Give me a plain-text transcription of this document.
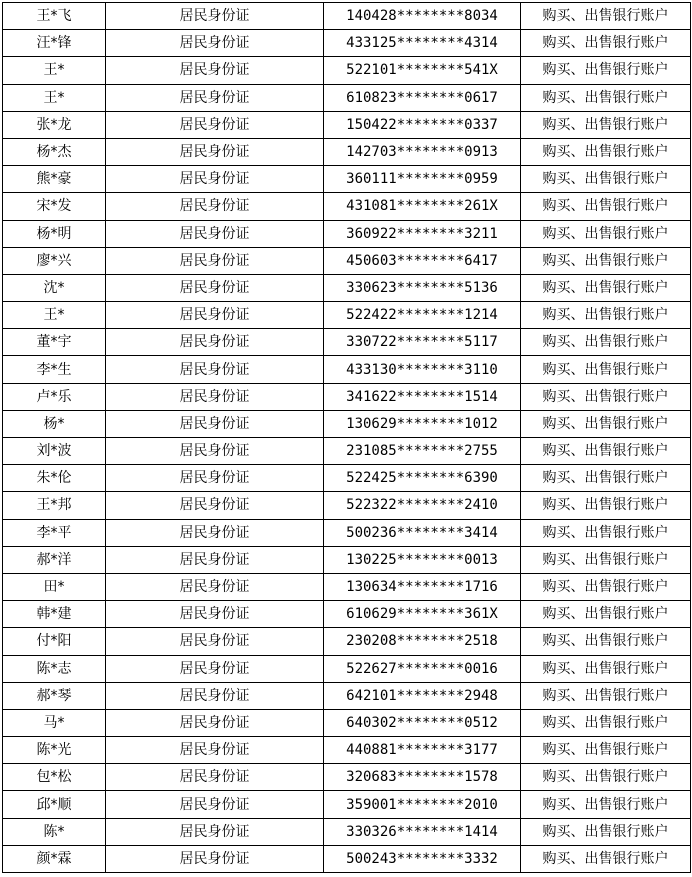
王*飞	居民身份证	140428********8034	购买、出售银行账户
汪*锋	居民身份证	433125********4314	购买、出售银行账户
王*	居民身份证	522101********541X	购买、出售银行账户
王*	居民身份证	610823********0617	购买、出售银行账户
张*龙	居民身份证	150422********0337	购买、出售银行账户
杨*杰	居民身份证	142703********0913	购买、出售银行账户
熊*豪	居民身份证	360111********0959	购买、出售银行账户
宋*发	居民身份证	431081********261X	购买、出售银行账户
杨*明	居民身份证	360922********3211	购买、出售银行账户
廖*兴	居民身份证	450603********6417	购买、出售银行账户
沈*	居民身份证	330623********5136	购买、出售银行账户
王*	居民身份证	522422********1214	购买、出售银行账户
董*宇	居民身份证	330722********5117	购买、出售银行账户
李*生	居民身份证	433130********3110	购买、出售银行账户
卢*乐	居民身份证	341622********1514	购买、出售银行账户
杨*	居民身份证	130629********1012	购买、出售银行账户
刘*波	居民身份证	231085********2755	购买、出售银行账户
朱*伦	居民身份证	522425********6390	购买、出售银行账户
王*邦	居民身份证	522322********2410	购买、出售银行账户
李*平	居民身份证	500236********3414	购买、出售银行账户
郝*洋	居民身份证	130225********0013	购买、出售银行账户
田*	居民身份证	130634********1716	购买、出售银行账户
韩*建	居民身份证	610629********361X	购买、出售银行账户
付*阳	居民身份证	230208********2518	购买、出售银行账户
陈*志	居民身份证	522627********0016	购买、出售银行账户
郝*琴	居民身份证	642101********2948	购买、出售银行账户
马*	居民身份证	640302********0512	购买、出售银行账户
陈*光	居民身份证	440881********3177	购买、出售银行账户
包*松	居民身份证	320683********1578	购买、出售银行账户
邱*顺	居民身份证	359001********2010	购买、出售银行账户
陈*	居民身份证	330326********1414	购买、出售银行账户
颜*霖	居民身份证	500243********3332	购买、出售银行账户
